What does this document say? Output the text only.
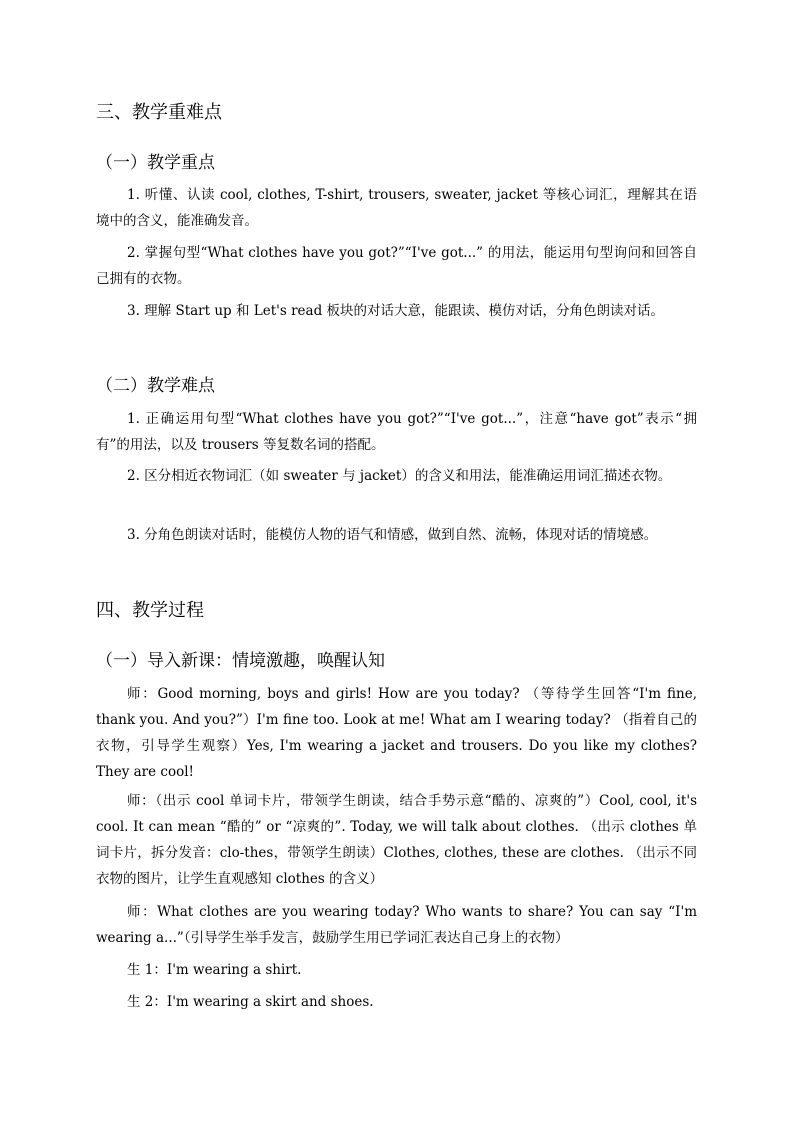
三、教学重难点
（一）教学重点
1. 听懂、认读 cool, clothes, T-shirt, trousers, sweater, jacket 等核心词汇，理解其在语境中的含义，能准确发音。
2. 掌握句型“What clothes have you got?”“I've got...” 的用法，能运用句型询问和回答自己拥有的衣物。
3. 理解 Start up 和 Let's read 板块的对话大意，能跟读、模仿对话，分角色朗读对话。
（二）教学难点
1. 正确运用句型“What clothes have you got?”“I've got...”，注意“have got”表示“拥有”的用法，以及 trousers 等复数名词的搭配。
2. 区分相近衣物词汇（如 sweater 与 jacket）的含义和用法，能准确运用词汇描述衣物。
3. 分角色朗读对话时，能模仿人物的语气和情感，做到自然、流畅，体现对话的情境感。
四、教学过程
（一）导入新课：情境激趣，唤醒认知
师：Good morning, boys and girls! How are you today? （等待学生回答“I'm fine, thank you. And you?”）I'm fine too. Look at me! What am I wearing today? （指着自己的衣物，引导学生观察）Yes, I'm wearing a jacket and trousers. Do you like my clothes? They are cool!
师：（出示 cool 单词卡片，带领学生朗读，结合手势示意“酷的、凉爽的”）Cool, cool, it's cool. It can mean “酷的” or “凉爽的”. Today, we will talk about clothes. （出示 clothes 单词卡片，拆分发音：clo-thes，带领学生朗读）Clothes, clothes, these are clothes. （出示不同衣物的图片，让学生直观感知 clothes 的含义）
师：What clothes are you wearing today? Who wants to share? You can say “I'm wearing a...”（引导学生举手发言，鼓励学生用已学词汇表达自己身上的衣物）
生 1：I'm wearing a shirt.
生 2：I'm wearing a skirt and shoes.
